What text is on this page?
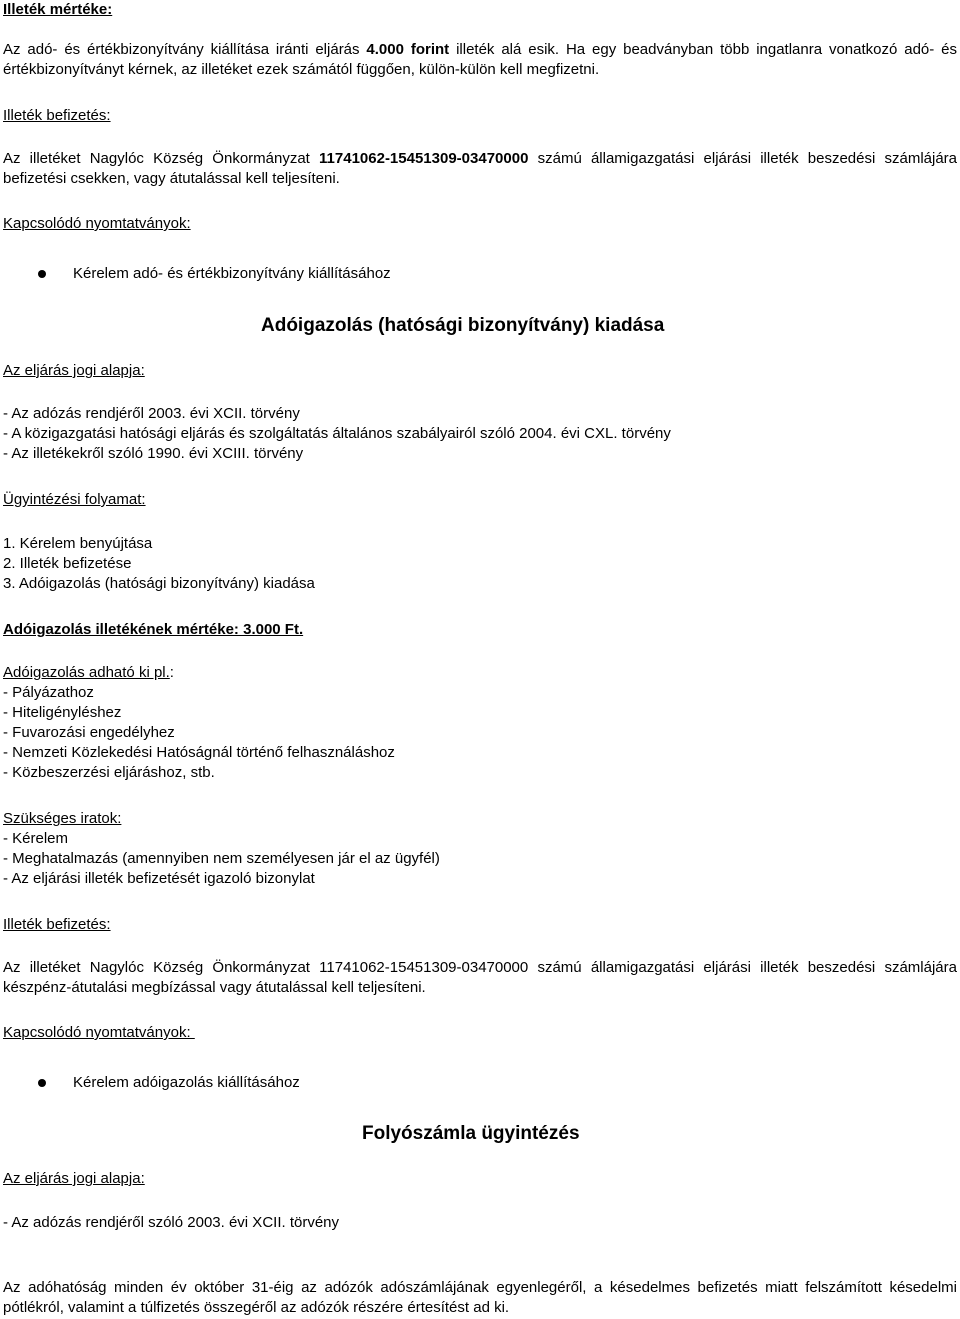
Illeték mértéke:
Az adó- és értékbizonyítvány kiállítása iránti eljárás 4.000 forint illeték alá esik. Ha egy beadványban több ingatlanra vonatkozó adó- és értékbizonyítványt kérnek, az illetéket ezek számától függően, külön-külön kell megfizetni.
Illeték befizetés:
Az illetéket Nagylóc Község Önkormányzat 11741062-15451309-03470000 számú államigazgatási eljárási illeték beszedési számlájára befizetési csekken, vagy átutalással kell teljesíteni.
Kapcsolódó nyomtatványok:
Kérelem adó- és értékbizonyítvány kiállításához
Adóigazolás (hatósági bizonyítvány) kiadása
Az eljárás jogi alapja:
- Az adózás rendjéről 2003. évi XCII. törvény
- A közigazgatási hatósági eljárás és szolgáltatás általános szabályairól szóló 2004. évi CXL. törvény
- Az illetékekről szóló 1990. évi XCIII. törvény
Ügyintézési folyamat:
1. Kérelem benyújtása
2. Illeték befizetése
3. Adóigazolás (hatósági bizonyítvány) kiadása
Adóigazolás illetékének mértéke: 3.000 Ft.
Adóigazolás adható ki pl.:
- Pályázathoz
- Hiteligényléshez
- Fuvarozási engedélyhez
- Nemzeti Közlekedési Hatóságnál történő felhasználáshoz
- Közbeszerzési eljáráshoz, stb.
Szükséges iratok:
- Kérelem
- Meghatalmazás (amennyiben nem személyesen jár el az ügyfél)
- Az eljárási illeték befizetését igazoló bizonylat
Illeték befizetés:
Az illetéket Nagylóc Község Önkormányzat 11741062-15451309-03470000 számú államigazgatási eljárási illeték beszedési számlájára készpénz-átutalási megbízással vagy átutalással kell teljesíteni.
Kapcsolódó nyomtatványok:
Kérelem adóigazolás kiállításához
Folyószámla ügyintézés
Az eljárás jogi alapja:
- Az adózás rendjéről szóló 2003. évi XCII. törvény
Az adóhatóság minden év október 31-éig az adózók adószámlájának egyenlegéről, a késedelmes befizetés miatt felszámított késedelmi pótlékról, valamint a túlfizetés összegéről az adózók részére értesítést ad ki.
